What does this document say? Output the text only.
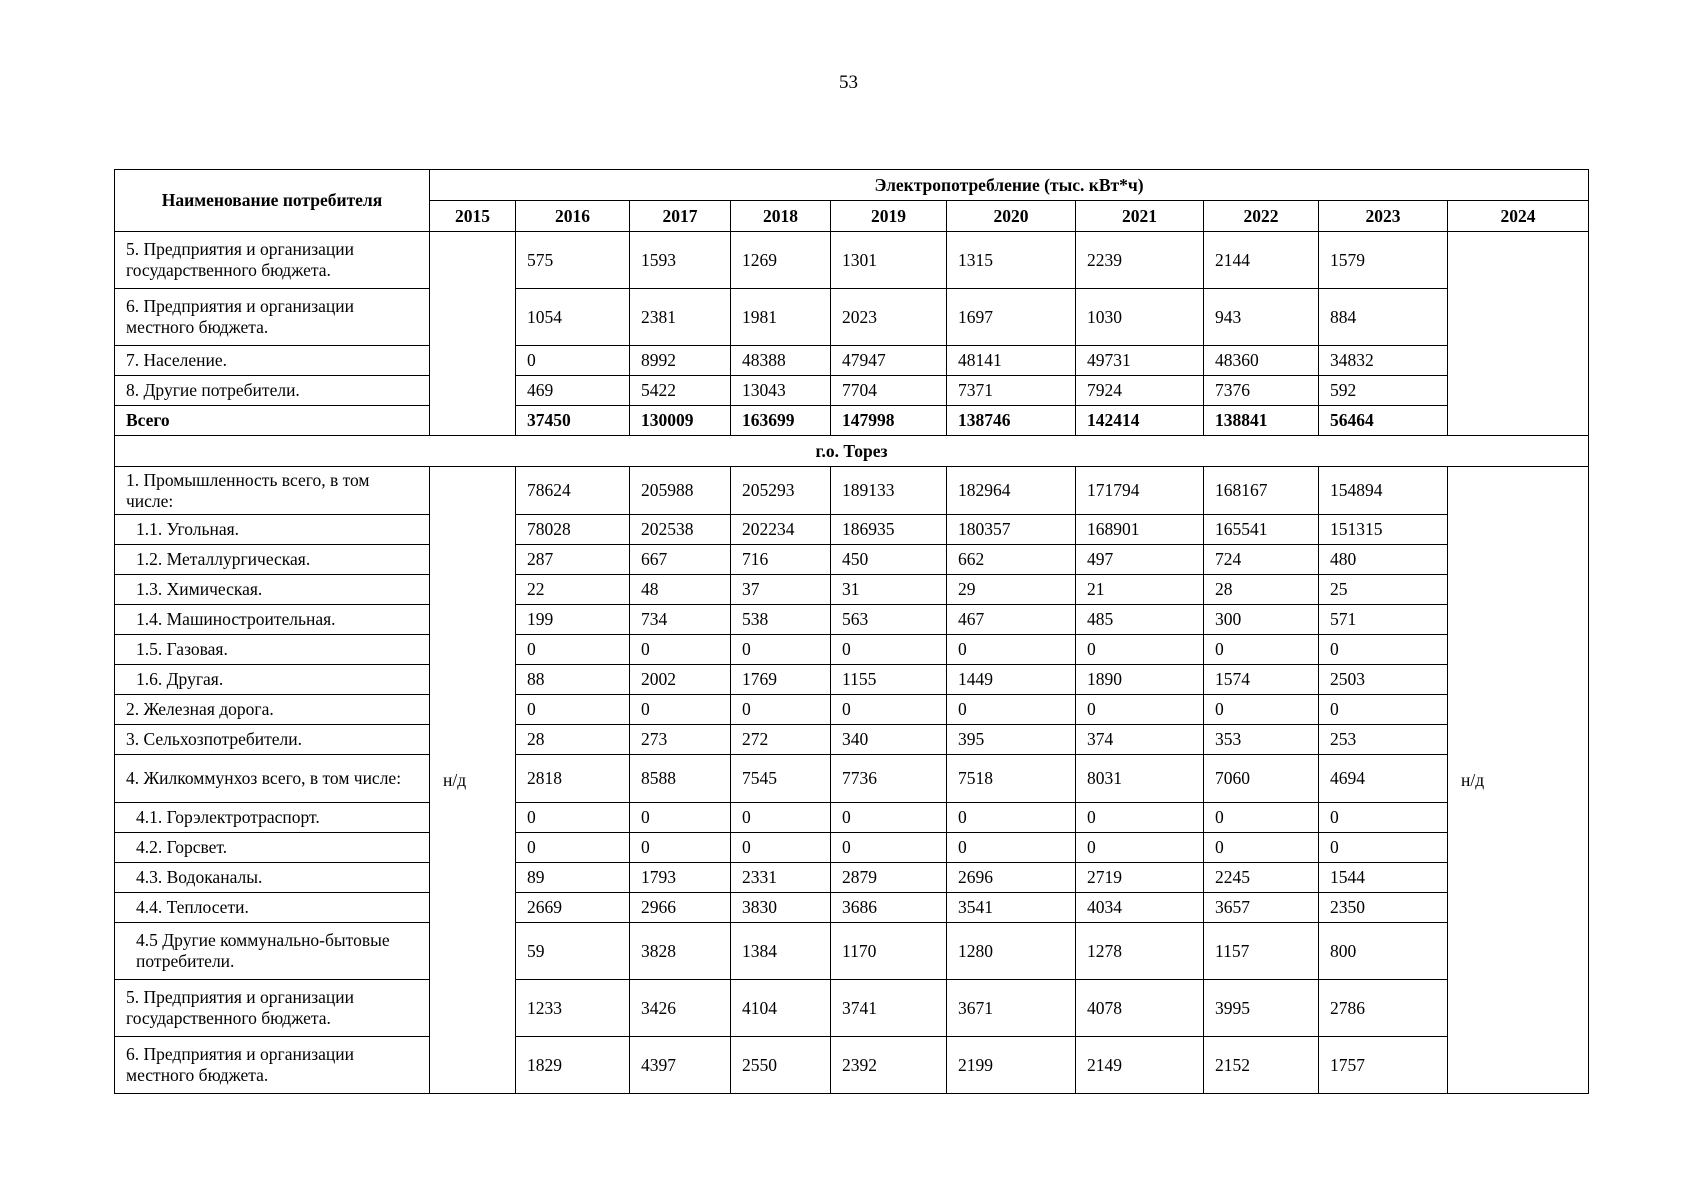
53
Наименование потребителя	Электропотребление (тыс. кВт*ч)									
	2015	2016	2017	2018	2019	2020	2021	2022	2023	2024
5. Предприятия и организации государственного бюджета.		575	1593	1269	1301	1315	2239	2144	1579	
6. Предприятия и организации местного бюджета.		1054	2381	1981	2023	1697	1030	943	884	
7. Население.		0	8992	48388	47947	48141	49731	48360	34832	
8. Другие потребители.		469	5422	13043	7704	7371	7924	7376	592	
Всего		37450	130009	163699	147998	138746	142414	138841	56464	
г.о. Торез										
1. Промышленность всего, в том числе:	н/д	78624	205988	205293	189133	182964	171794	168167	154894	н/д
1.1. Угольная.		78028	202538	202234	186935	180357	168901	165541	151315	
1.2. Металлургическая.		287	667	716	450	662	497	724	480	
1.3. Химическая.		22	48	37	31	29	21	28	25	
1.4. Машиностроительная.		199	734	538	563	467	485	300	571	
1.5. Газовая.		0	0	0	0	0	0	0	0	
1.6. Другая.		88	2002	1769	1155	1449	1890	1574	2503	
2. Железная дорога.		0	0	0	0	0	0	0	0	
3. Сельхозпотребители.		28	273	272	340	395	374	353	253	
4. Жилкоммунхоз всего, в том числе:		2818	8588	7545	7736	7518	8031	7060	4694	
4.1. Горэлектротраспорт.		0	0	0	0	0	0	0	0	
4.2. Горсвет.		0	0	0	0	0	0	0	0	
4.3. Водоканалы.		89	1793	2331	2879	2696	2719	2245	1544	
4.4. Теплосети.		2669	2966	3830	3686	3541	4034	3657	2350	
4.5 Другие коммунально-бытовые потребители.		59	3828	1384	1170	1280	1278	1157	800	
5. Предприятия и организации государственного бюджета.		1233	3426	4104	3741	3671	4078	3995	2786	
6. Предприятия и организации местного бюджета.		1829	4397	2550	2392	2199	2149	2152	1757	
